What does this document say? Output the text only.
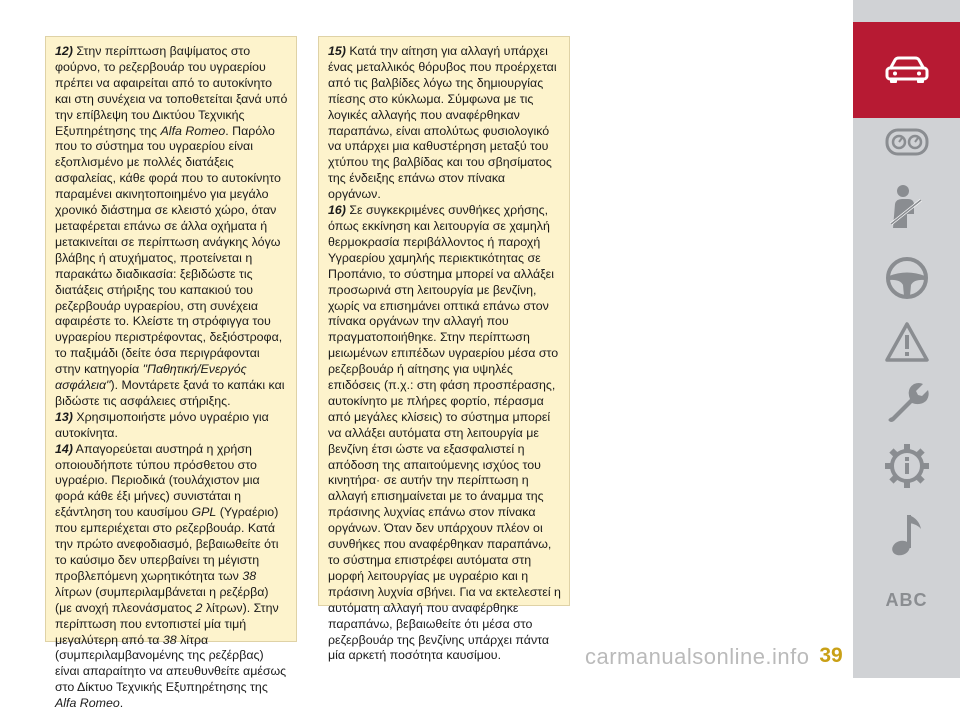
12) Στην περίπτωση βαψίματος στο φούρνο, το ρεζερβουάρ του υγραερίου πρέπει να αφαιρείται από το αυτοκίνητο και στη συνέχεια να τοποθετείται ξανά υπό την επίβλεψη του Δικτύου Τεχνικής Εξυπηρέτησης της Alfa Romeo. Παρόλο που το σύστημα του υγραερίου είναι εξοπλισμένο με πολλές διατάξεις ασφαλείας, κάθε φορά που το αυτοκίνητο παραμένει ακινητοποιημένο για μεγάλο χρονικό διάστημα σε κλειστό χώρο, όταν μεταφέρεται επάνω σε άλλα οχήματα ή μετακινείται σε περίπτωση ανάγκης λόγω βλάβης ή ατυχήματος, προτείνεται η παρακάτω διαδικασία: ξεβιδώστε τις διατάξεις στήριξης του καπακιού του ρεζερβουάρ υγραερίου, στη συνέχεια αφαιρέστε το. Κλείστε τη στρόφιγγα του υγραερίου περιστρέφοντας, δεξιόστροφα, το παξιμάδι (δείτε όσα περιγράφονται στην κατηγορία "Παθητική/Ενεργός ασφάλεια"). Μοντάρετε ξανά το καπάκι και βιδώστε τις ασφάλειες στήριξης.

13) Χρησιμοποιήστε μόνο υγραέριο για αυτοκίνητα.

14) Απαγορεύεται αυστηρά η χρήση οποιουδήποτε τύπου πρόσθετου στο υγραέριο. Περιοδικά (τουλάχιστον μια φορά κάθε έξι μήνες) συνιστάται η εξάντληση του καυσίμου GPL (Υγραέριο) που εμπεριέχεται στο ρεζερβουάρ. Κατά την πρώτο ανεφοδιασμό, βεβαιωθείτε ότι το καύσιμο δεν υπερβαίνει τη μέγιστη προβλεπόμενη χωρητικότητα των 38 λίτρων (συμπεριλαμβάνεται η ρεζέρβα) (με ανοχή πλεονάσματος 2 λίτρων). Στην περίπτωση που εντοπιστεί μία τιμή μεγαλύτερη από τα 38 λίτρα (συμπεριλαμβανομένης της ρεζέρβας) είναι απαραίτητο να απευθυνθείτε αμέσως στο Δίκτυο Τεχνικής Εξυπηρέτησης της Alfa Romeo.

15) Κατά την αίτηση για αλλαγή υπάρχει ένας μεταλλικός θόρυβος που προέρχεται από τις βαλβίδες λόγω της δημιουργίας πίεσης στο κύκλωμα. Σύμφωνα με τις λογικές αλλαγής που αναφέρθηκαν παραπάνω, είναι απολύτως φυσιολογικό να υπάρχει μια καθυστέρηση μεταξύ του χτύπου της βαλβίδας και του σβησίματος της ένδειξης επάνω στον πίνακα οργάνων.

16) Σε συγκεκριμένες συνθήκες χρήσης, όπως εκκίνηση και λειτουργία σε χαμηλή θερμοκρασία περιβάλλοντος ή παροχή Υγραερίου χαμηλής περιεκτικότητας σε Προπάνιο, το σύστημα μπορεί να αλλάξει προσωρινά στη λειτουργία με βενζίνη, χωρίς να επισημάνει οπτικά επάνω στον πίνακα οργάνων την αλλαγή που πραγματοποιήθηκε. Στην περίπτωση μειωμένων επιπέδων υγραερίου μέσα στο ρεζερβουάρ ή αίτησης για υψηλές επιδόσεις (π.χ.: στη φάση προσπέρασης, αυτοκίνητο με πλήρες φορτίο, πέρασμα από μεγάλες κλίσεις) το σύστημα μπορεί να αλλάξει αυτόματα στη λειτουργία με βενζίνη έτσι ώστε να εξασφαλιστεί η απόδοση της απαιτούμενης ισχύος του κινητήρα· σε αυτήν την περίπτωση η αλλαγή επισημαίνεται με το άναμμα της πράσινης λυχνίας επάνω στον πίνακα οργάνων. Όταν δεν υπάρχουν πλέον οι συνθήκες που αναφέρθηκαν παραπάνω, το σύστημα επιστρέφει αυτόματα στη μορφή λειτουργίας με υγραέριο και η πράσινη λυχνία σβήνει. Για να εκτελεστεί η αυτόματη αλλαγή που αναφέρθηκε παραπάνω, βεβαιωθείτε ότι μέσα στο ρεζερβουάρ της βενζίνης υπάρχει πάντα μία αρκετή ποσότητα καυσίμου.

ABC
39
carmanualsonline.info
